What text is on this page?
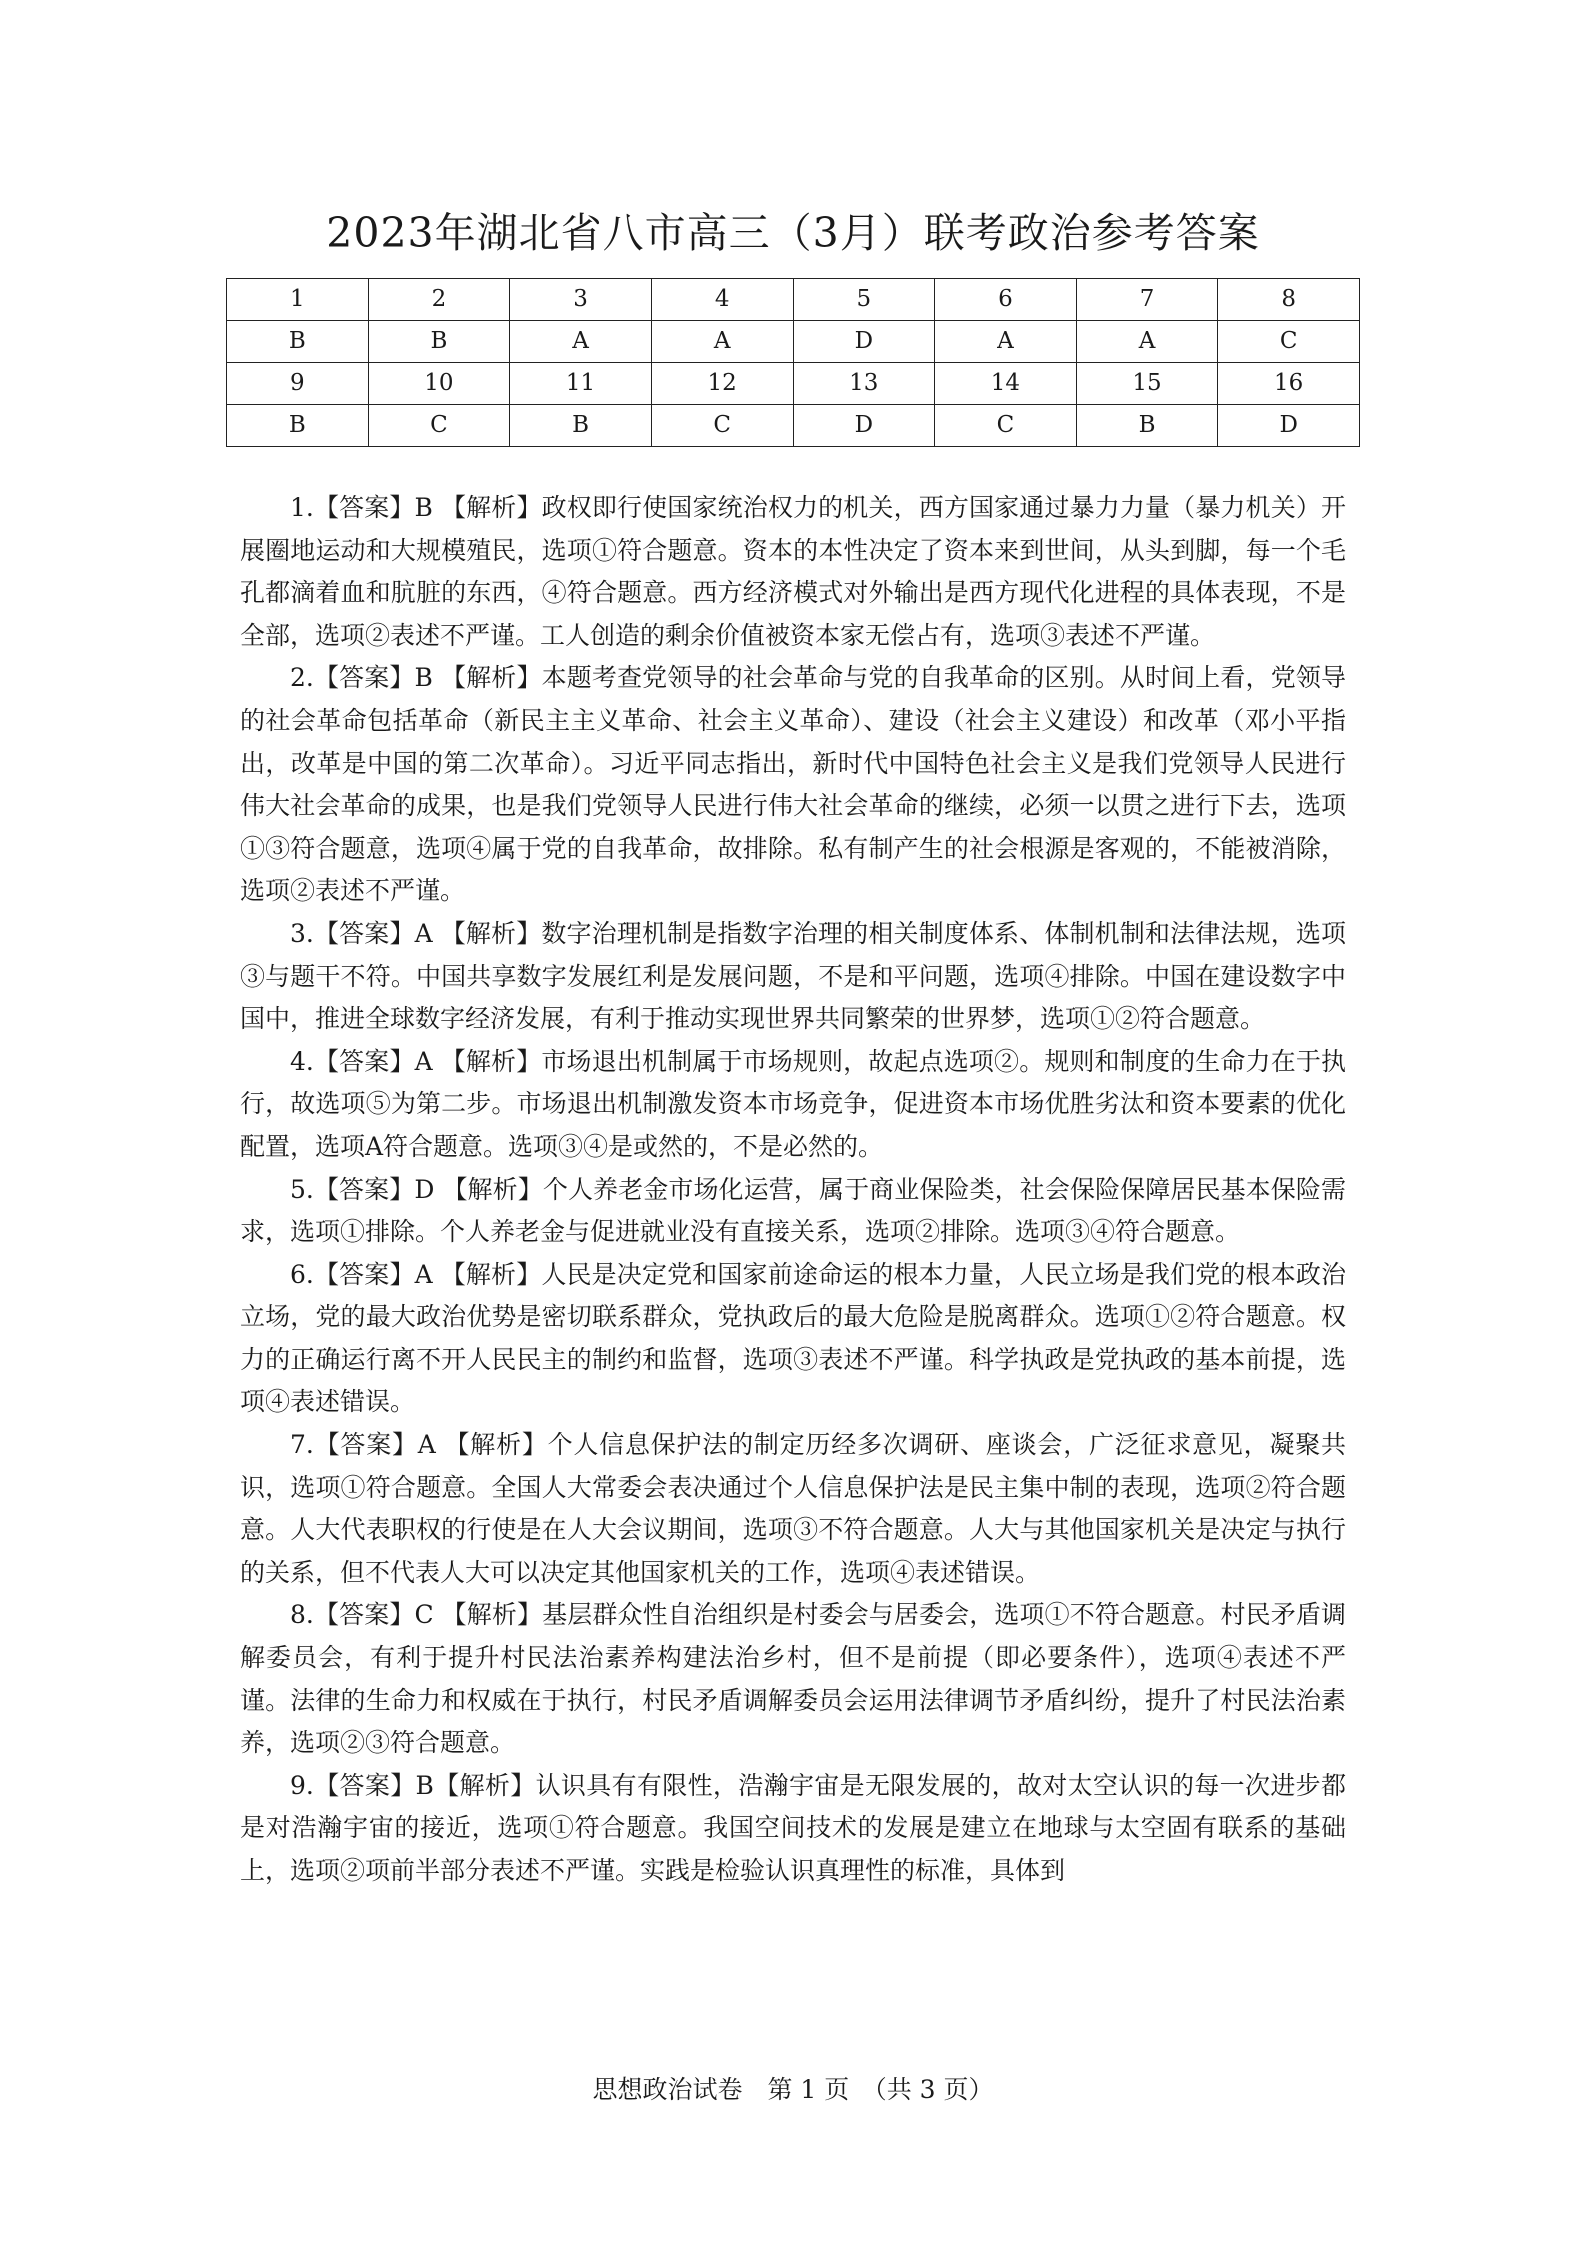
2023年湖北省八市高三（3月）联考政治参考答案
1	2	3	4	5	6	7	8
B	B	A	A	D	A	A	C
9	10	11	12	13	14	15	16
B	C	B	C	D	C	B	D

1.【答案】B 【解析】政权即行使国家统治权力的机关，西方国家通过暴力力量（暴力机关）开展圈地运动和大规模殖民，选项①符合题意。资本的本性决定了资本来到世间，从头到脚，每一个毛孔都滴着血和肮脏的东西，④符合题意。西方经济模式对外输出是西方现代化进程的具体表现，不是全部，选项②表述不严谨。工人创造的剩余价值被资本家无偿占有，选项③表述不严谨。

2.【答案】B 【解析】本题考查党领导的社会革命与党的自我革命的区别。从时间上看，党领导的社会革命包括革命（新民主主义革命、社会主义革命）、建设（社会主义建设）和改革（邓小平指出，改革是中国的第二次革命）。习近平同志指出，新时代中国特色社会主义是我们党领导人民进行伟大社会革命的成果，也是我们党领导人民进行伟大社会革命的继续，必须一以贯之进行下去，选项①③符合题意，选项④属于党的自我革命，故排除。私有制产生的社会根源是客观的，不能被消除，选项②表述不严谨。

3.【答案】A 【解析】数字治理机制是指数字治理的相关制度体系、体制机制和法律法规，选项③与题干不符。中国共享数字发展红利是发展问题，不是和平问题，选项④排除。中国在建设数字中国中，推进全球数字经济发展，有利于推动实现世界共同繁荣的世界梦，选项①②符合题意。

4.【答案】A 【解析】市场退出机制属于市场规则，故起点选项②。规则和制度的生命力在于执行，故选项⑤为第二步。市场退出机制激发资本市场竞争，促进资本市场优胜劣汰和资本要素的优化配置，选项A符合题意。选项③④是或然的，不是必然的。

5.【答案】D 【解析】个人养老金市场化运营，属于商业保险类，社会保险保障居民基本保险需求，选项①排除。个人养老金与促进就业没有直接关系，选项②排除。选项③④符合题意。

6.【答案】A 【解析】人民是决定党和国家前途命运的根本力量，人民立场是我们党的根本政治立场，党的最大政治优势是密切联系群众，党执政后的最大危险是脱离群众。选项①②符合题意。权力的正确运行离不开人民民主的制约和监督，选项③表述不严谨。科学执政是党执政的基本前提，选项④表述错误。

7.【答案】A 【解析】个人信息保护法的制定历经多次调研、座谈会，广泛征求意见，凝聚共识，选项①符合题意。全国人大常委会表决通过个人信息保护法是民主集中制的表现，选项②符合题意。人大代表职权的行使是在人大会议期间，选项③不符合题意。人大与其他国家机关是决定与执行的关系，但不代表人大可以决定其他国家机关的工作，选项④表述错误。

8.【答案】C 【解析】基层群众性自治组织是村委会与居委会，选项①不符合题意。村民矛盾调解委员会，有利于提升村民法治素养构建法治乡村，但不是前提（即必要条件），选项④表述不严谨。法律的生命力和权威在于执行，村民矛盾调解委员会运用法律调节矛盾纠纷，提升了村民法治素养，选项②③符合题意。

9.【答案】B【解析】认识具有有限性，浩瀚宇宙是无限发展的，故对太空认识的每一次进步都是对浩瀚宇宙的接近，选项①符合题意。我国空间技术的发展是建立在地球与太空固有联系的基础上，选项②项前半部分表述不严谨。实践是检验认识真理性的标准，具体到

思想政治试卷　第 1 页　（共 3 页）
